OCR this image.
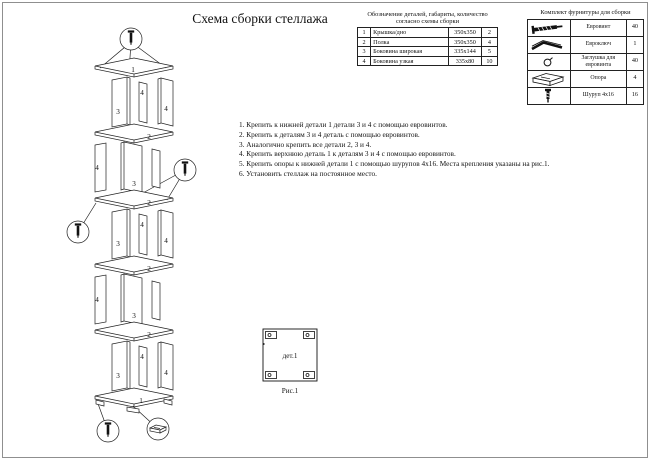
Схема сборки стеллажа
1
3
4
4
2
4
3
2
3
4
4
2
4
3
2
3
4
4
1
Обозначение деталей, габариты, количество
согласно схемы сборки
1	Крышка/дно	350x350	2
2	Полка	350x350	4
3	Боковина широкая	335x144	5
4	Боковина узкая	335x80	10
Комплект фурнитуры для сборки
	Евровинт	40

	Евроключ	1

	Заглушка для евровинта	40

	Опора	4

	Шуруп 4x16	16
1. Крепить к нижней детали 1 детали 3 и 4 с помощью евровинтов.
2. Крепить к деталям 3 и 4 деталь с помощью евровинтов.
3. Аналогично крепить все детали 2, 3 и 4.
4. Крепить верхнюю деталь 1 к деталям 3 и 4 с помощью евровинтов.
5. Крепить опоры к нижней детали 1 с помощью шурупов 4x16. Места крепления указаны на рис.1.
6. Установить стеллаж на постоянное место.
дет.1
Рис.1
